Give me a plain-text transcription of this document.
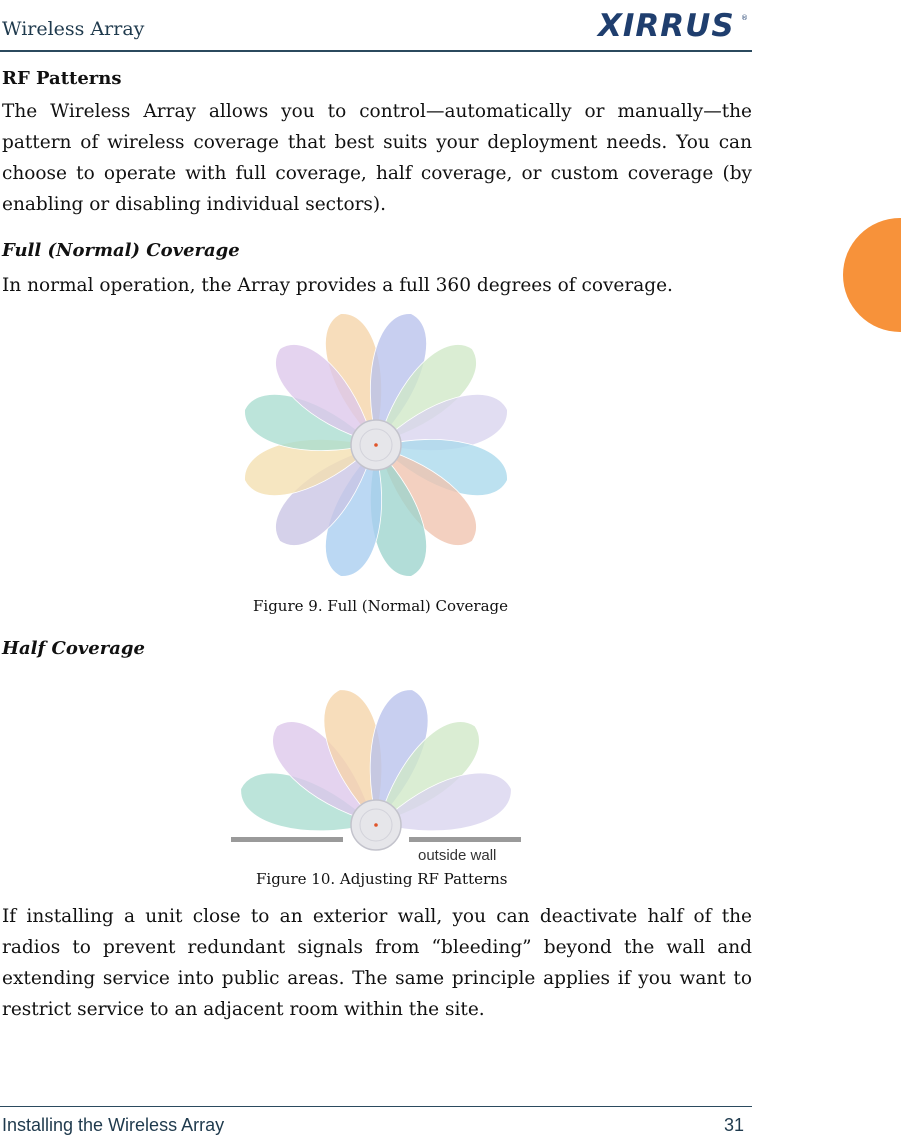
Wireless Array	XIRRUS ®
RF Patterns
The Wireless Array allows you to control—automatically or manually—the pattern of wireless coverage that best suits your deployment needs. You can choose to operate with full coverage, half coverage, or custom coverage (by enabling or disabling individual sectors).
Full (Normal) Coverage
In normal operation, the Array provides a full 360 degrees of coverage.
Figure 9. Full (Normal) Coverage
Half Coverage
outside wall
Figure 10. Adjusting RF Patterns
If installing a unit close to an exterior wall, you can deactivate half of the radios to prevent redundant signals from “bleeding” beyond the wall and extending service into public areas. The same principle applies if you want to restrict service to an adjacent room within the site.
Installing the Wireless Array	31
